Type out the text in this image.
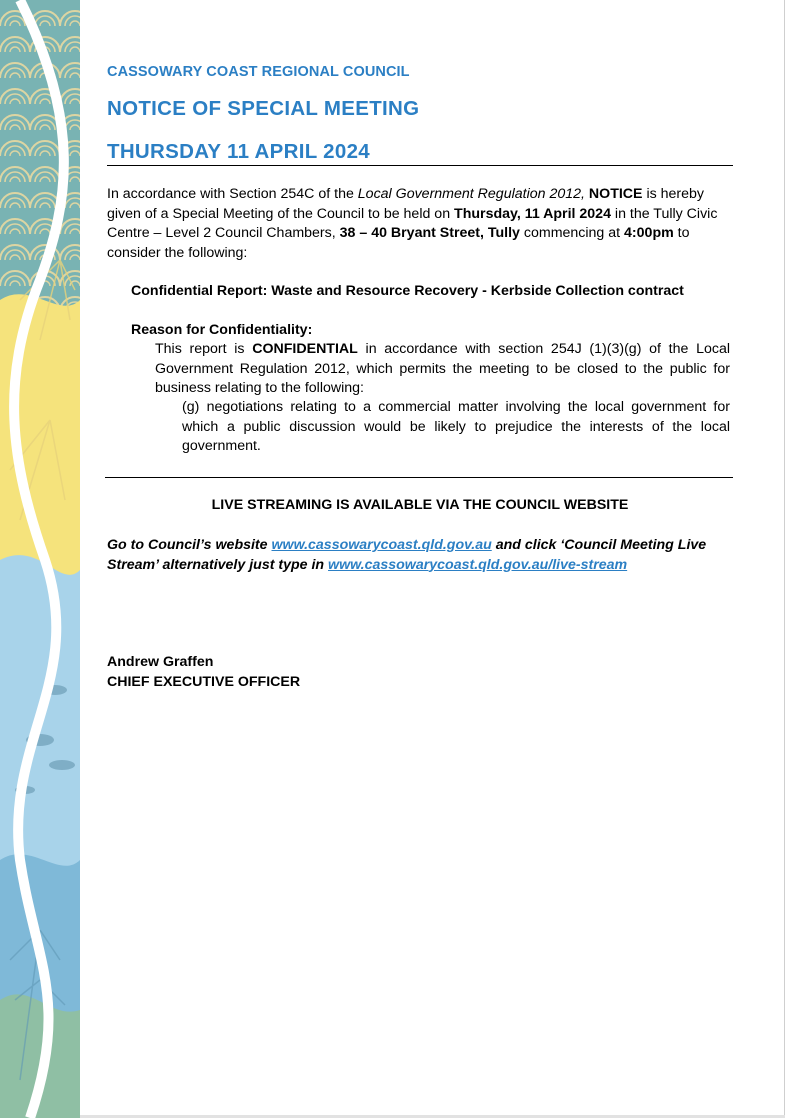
CASSOWARY COAST REGIONAL COUNCIL
NOTICE OF SPECIAL MEETING
THURSDAY 11 APRIL 2024
In accordance with Section 254C of the Local Government Regulation 2012, NOTICE is hereby given of a Special Meeting of the Council to be held on Thursday, 11 April 2024 in the Tully Civic Centre – Level 2 Council Chambers, 38 – 40 Bryant Street, Tully commencing at 4:00pm to consider the following:
Confidential Report: Waste and Resource Recovery - Kerbside Collection contract
Reason for Confidentiality:
This report is CONFIDENTIAL in accordance with section 254J (1)(3)(g) of the Local Government Regulation 2012, which permits the meeting to be closed to the public for business relating to the following:
(g) negotiations relating to a commercial matter involving the local government for which a public discussion would be likely to prejudice the interests of the local government.
LIVE STREAMING IS AVAILABLE VIA THE COUNCIL WEBSITE
Go to Council’s website www.cassowarycoast.qld.gov.au and click ‘Council Meeting Live Stream’ alternatively just type in www.cassowarycoast.qld.gov.au/live-stream
Andrew Graffen
CHIEF EXECUTIVE OFFICER
